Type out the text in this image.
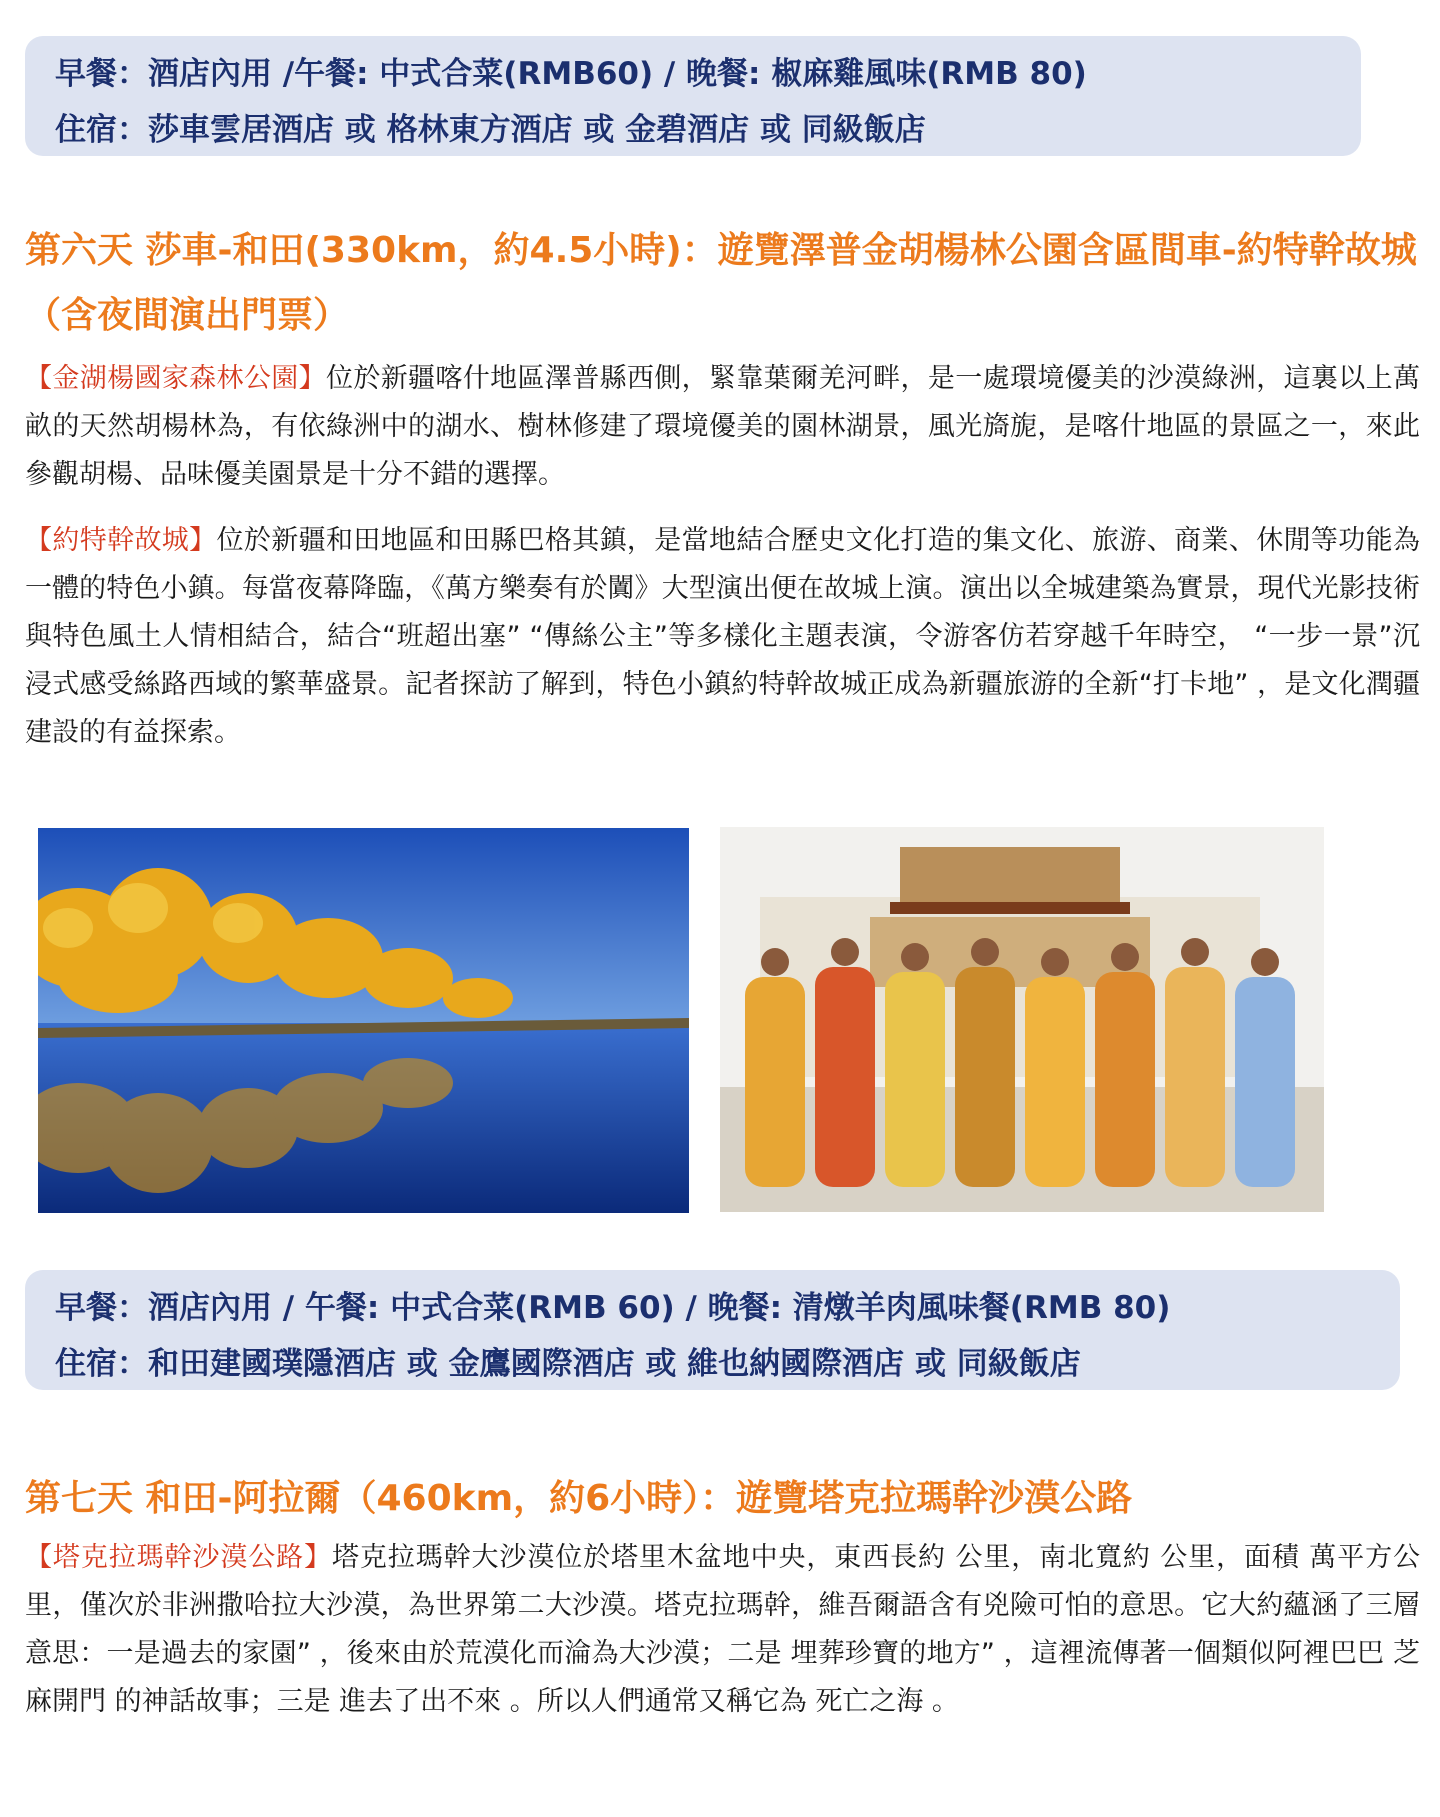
早餐：酒店內用 /午餐: 中式合菜(RMB60) / 晚餐: 椒麻雞風味(RMB 80)
住宿：莎車雲居酒店 或 格林東方酒店 或 金碧酒店 或 同級飯店
第六天 莎車-和田(330km，約4.5小時)：遊覽澤普金胡楊林公園含區間車-約特幹故城（含夜間演出門票）

【金湖楊國家森林公園】位於新疆喀什地區澤普縣西側，緊靠葉爾羌河畔，是一處環境優美的沙漠綠洲，這裏以上萬畝的天然胡楊林為，有依綠洲中的湖水、樹林修建了環境優美的園林湖景，風光旖旎，是喀什地區的景區之一，來此參觀胡楊、品味優美園景是十分不錯的選擇。

【約特幹故城】位於新疆和田地區和田縣巴格其鎮，是當地結合歷史文化打造的集文化、旅游、商業、休閒等功能為一體的特色小鎮。每當夜幕降臨，《萬方樂奏有於闐》大型演出便在故城上演。演出以全城建築為實景，現代光影技術與特色風土人情相結合，結合“班超出塞” “傳絲公主”等多樣化主題表演，令游客仿若穿越千年時空， “一步一景”沉浸式感受絲路西域的繁華盛景。記者探訪了解到，特色小鎮約特幹故城正成為新疆旅游的全新“打卡地” ，是文化潤疆建設的有益探索。

早餐：酒店內用 / 午餐: 中式合菜(RMB 60) / 晚餐: 清燉羊肉風味餐(RMB 80)
住宿：和田建國璞隱酒店 或 金鷹國際酒店 或 維也納國際酒店 或 同級飯店
第七天 和田-阿拉爾（460km，約6小時）：遊覽塔克拉瑪幹沙漠公路

【塔克拉瑪幹沙漠公路】塔克拉瑪幹大沙漠位於塔里木盆地中央，東西長約 公里，南北寬約 公里，面積 萬平方公里，僅次於非洲撒哈拉大沙漠，為世界第二大沙漠。塔克拉瑪幹，維吾爾語含有兇險可怕的意思。它大約蘊涵了三層意思：一是過去的家園” ，後來由於荒漠化而淪為大沙漠；二是 埋葬珍寶的地方” ，這裡流傳著一個類似阿裡巴巴 芝麻開門 的神話故事；三是 進去了出不來 。所以人們通常又稱它為 死亡之海 。
